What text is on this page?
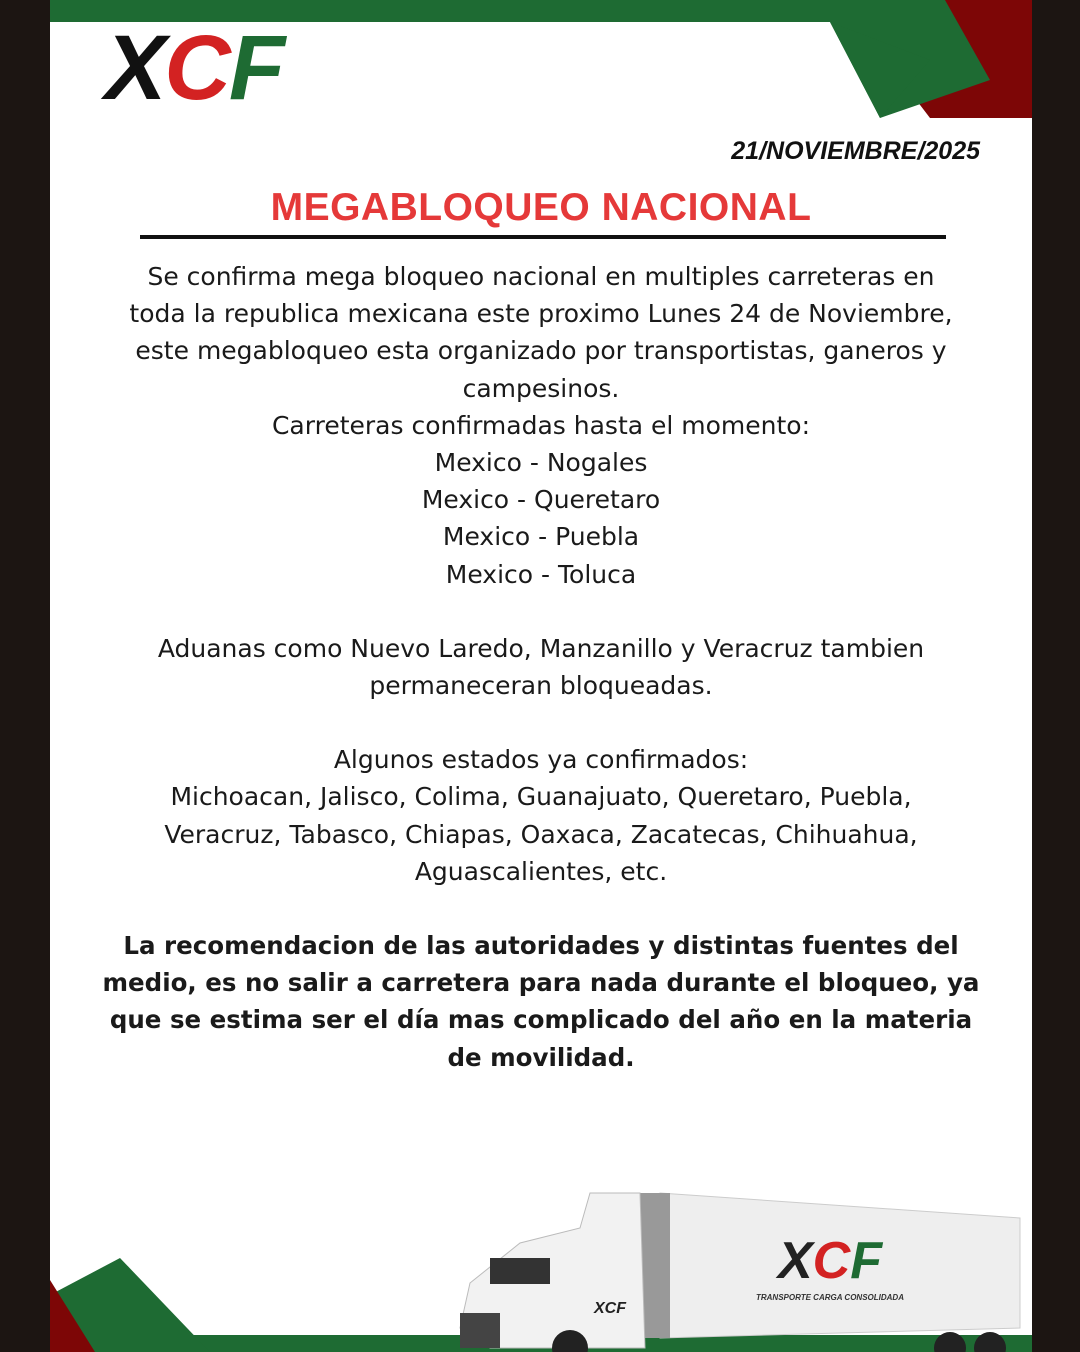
XCF
21/NOVIEMBRE/2025
MEGABLOQUEO NACIONAL

Se confirma mega bloqueo nacional en multiples carreteras en

toda la republica mexicana este proximo Lunes 24 de Noviembre,

este megabloqueo esta organizado por transportistas, ganeros y

campesinos.

Carreteras confirmadas hasta el momento:

Mexico - Nogales

Mexico - Queretaro

Mexico - Puebla

Mexico - Toluca

Aduanas como Nuevo Laredo, Manzanillo y Veracruz tambien

permaneceran bloqueadas.

Algunos estados ya confirmados:

Michoacan, Jalisco, Colima, Guanajuato, Queretaro, Puebla,

Veracruz, Tabasco, Chiapas, Oaxaca, Zacatecas, Chihuahua,

Aguascalientes, etc.

La recomendacion de las autoridades y distintas fuentes del

medio, es no salir a carretera para nada durante el bloqueo, ya

que se estima ser el día mas complicado del año en la materia

de movilidad.

XCF
TRANSPORTE CARGA CONSOLIDADA
XCF
